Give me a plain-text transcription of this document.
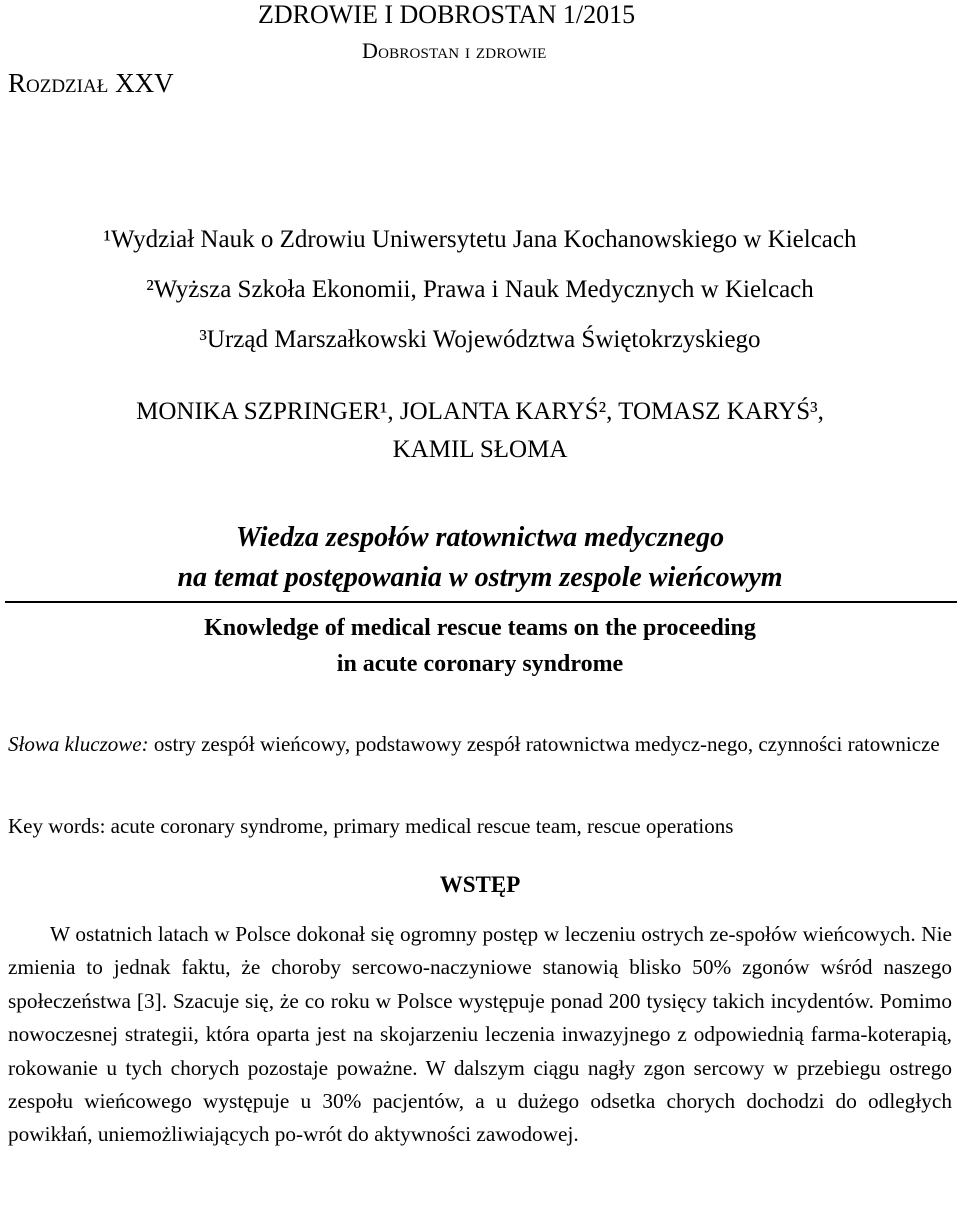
ZDROWIE I DOBROSTAN 1/2015
Dobrostan i zdrowie
Rozdział XXV
¹Wydział Nauk o Zdrowiu Uniwersytetu Jana Kochanowskiego w Kielcach
²Wyższa Szkoła Ekonomii, Prawa i Nauk Medycznych w Kielcach
³Urząd Marszałkowski Województwa Świętokrzyskiego
MONIKA SZPRINGER¹, JOLANTA KARYŚ², TOMASZ KARYŚ³,
KAMIL SŁOMA
Wiedza zespołów ratownictwa medycznego
na temat postępowania w ostrym zespole wieńcowym
Knowledge of medical rescue teams on the proceeding
in acute coronary syndrome
Słowa kluczowe: ostry zespół wieńcowy, podstawowy zespół ratownictwa medycz-nego, czynności ratownicze
Key words: acute coronary syndrome, primary medical rescue team, rescue operations
WSTĘP

W ostatnich latach w Polsce dokonał się ogromny postęp w leczeniu ostrych ze-społów wieńcowych. Nie zmienia to jednak faktu, że choroby sercowo-naczyniowe stanowią blisko 50% zgonów wśród naszego społeczeństwa [3]. Szacuje się, że co roku w Polsce występuje ponad 200 tysięcy takich incydentów. Pomimo nowoczesnej strategii, która oparta jest na skojarzeniu leczenia inwazyjnego z odpowiednią farma-koterapią, rokowanie u tych chorych pozostaje poważne. W dalszym ciągu nagły zgon sercowy w przebiegu ostrego zespołu wieńcowego występuje u 30% pacjentów, a u dużego odsetka chorych dochodzi do odległych powikłań, uniemożliwiających po-wrót do aktywności zawodowej.
